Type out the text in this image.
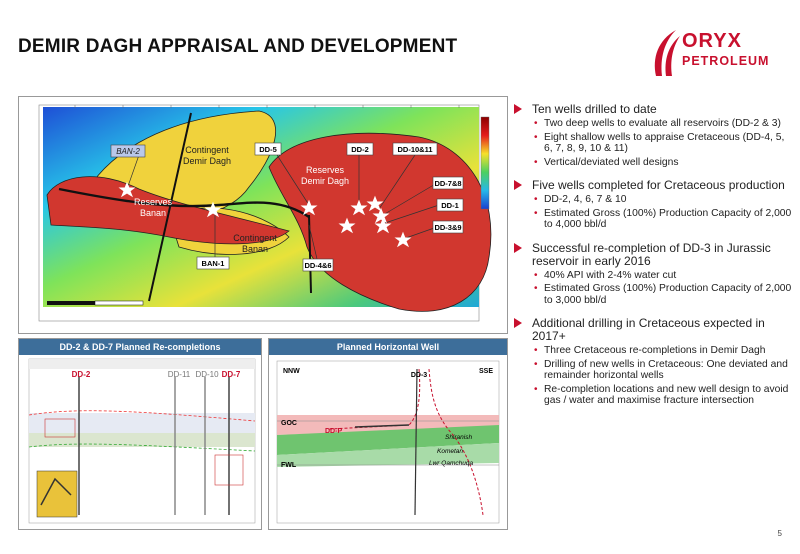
DEMIR DAGH APPRAISAL AND DEVELOPMENT	ORYX
PETROLEUM
BAN-2	DD-5	DD-2	DD-10&11
DD-7&8
DD-1
DD-3&9
DD-4&6
BAN-1
Contingent
Demir Dagh
Reserves
Banan
Contingent
Banan
Reserves
Demir Dagh
DD-2 & DD-7 Planned Re-completions
DD-2	DD-11 DD-10 DD-7
Planned Horizontal Well
NNW	SSE
DD-3
GOC
FWL
DD-P
Shiranish
Kometan
Lwr Qamchuqa
Ten wells drilled to date
• Two deep wells to evaluate all reservoirs (DD-2 & 3)
• Eight shallow wells to appraise Cretaceous (DD-4, 5, 6, 7, 8, 9, 10 & 11)
• Vertical/deviated well designs
Five wells completed for Cretaceous production
• DD-2, 4, 6, 7 & 10
• Estimated Gross (100%) Production Capacity of 2,000 to 4,000 bbl/d
Successful re-completion of DD-3 in Jurassic reservoir in early 2016
• 40% API with 2-4% water cut
• Estimated Gross (100%) Production Capacity of 2,000 to 3,000 bbl/d
Additional drilling in Cretaceous expected in 2017+
• Three Cretaceous re-completions in Demir Dagh
• Drilling of new wells in Cretaceous: One deviated and remainder horizontal wells
• Re-completion locations and new well design to avoid gas / water and maximise fracture intersection
5
